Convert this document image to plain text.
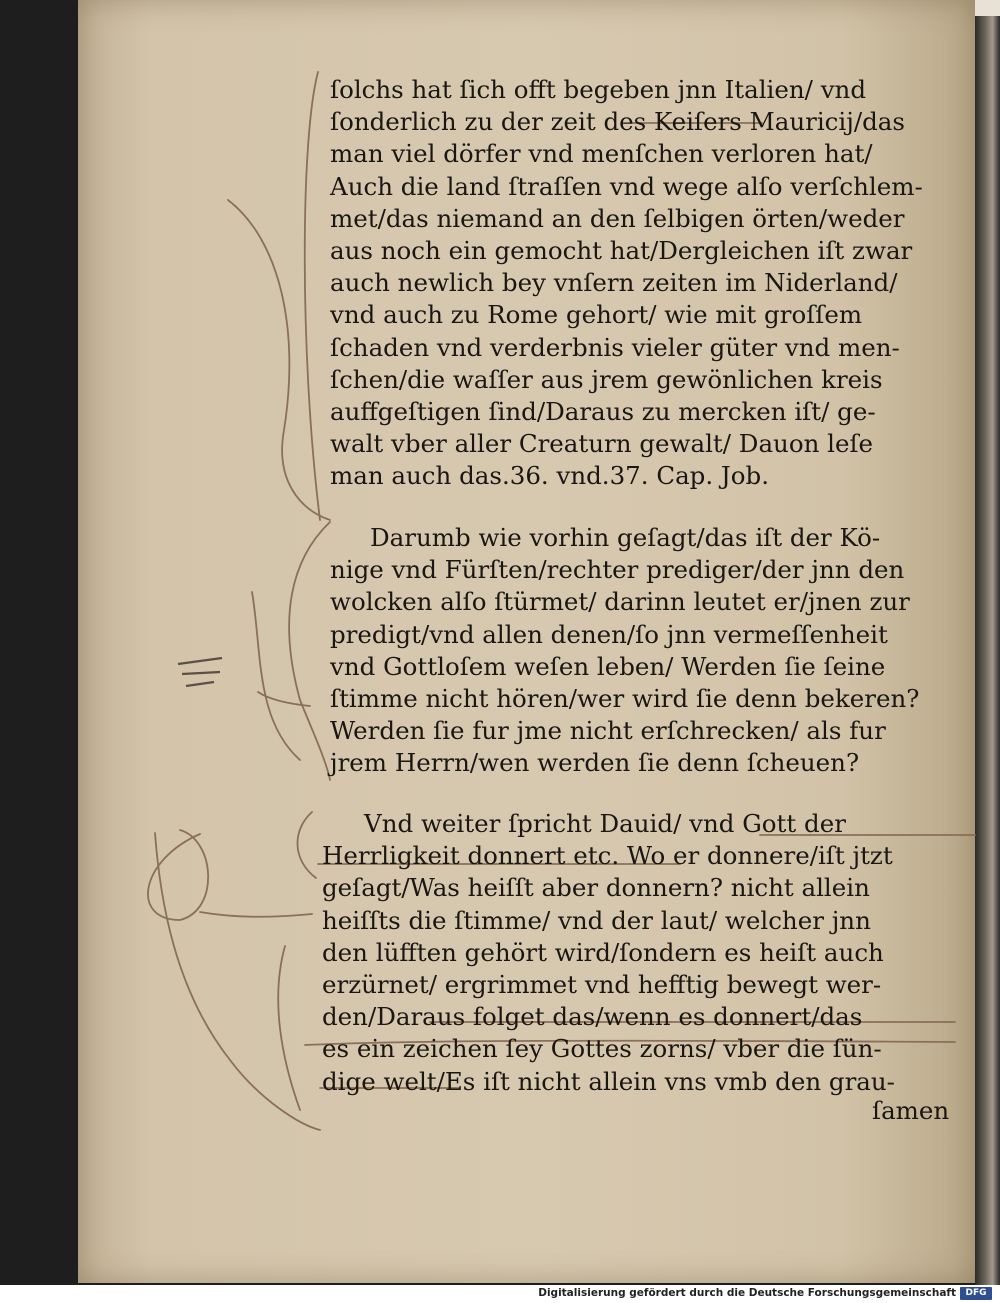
ſolchs hat ſich offt begeben jnn Italien/ vnd
ſonderlich zu der zeit des Keiſers Mauricij/das
man viel dörfer vnd menſchen verloren hat/
Auch die land ſtraſſen vnd wege alſo verſchlem-
met/das niemand an den ſelbigen örten/weder
aus noch ein gemocht hat/Dergleichen iſt zwar
auch newlich bey vnſern zeiten im Niderland/
vnd auch zu Rome gehort/ wie mit groſſem
ſchaden vnd verderbnis vieler güter vnd men-
ſchen/die waſſer aus jrem gewönlichen kreis
auffgeſtigen ſind/Daraus zu mercken iſt/ ge-
walt vber aller Creaturn gewalt/ Dauon leſe
man auch das.36. vnd.37. Cap. Job.
Darumb wie vorhin geſagt/das iſt der Kö-
nige vnd Fürſten/rechter prediger/der jnn den
wolcken alſo ſtürmet/ darinn leutet er/jnen zur
predigt/vnd allen denen/ſo jnn vermeſſenheit
vnd Gottloſem weſen leben/ Werden ſie ſeine
ſtimme nicht hören/wer wird ſie denn bekeren?
Werden ſie fur jme nicht erſchrecken/ als fur
jrem Herrn/wen werden ſie denn ſcheuen?
Vnd weiter ſpricht Dauid/ vnd Gott der
Herrligkeit donnert etc. Wo er donnere/iſt jtzt
geſagt/Was heiſſt aber donnern? nicht allein
heiſſts die ſtimme/ vnd der laut/ welcher jnn
den lüfften gehört wird/ſondern es heiſt auch
erzürnet/ ergrimmet vnd hefftig bewegt wer-
den/Daraus folget das/wenn es donnert/das
es ein zeichen ſey Gottes zorns/ vber die ſün-
dige welt/Es iſt nicht allein vns vmb den grau-
ſamen
Digitalisierung gefördert durch die Deutsche Forschungsgemeinschaft	DFG
